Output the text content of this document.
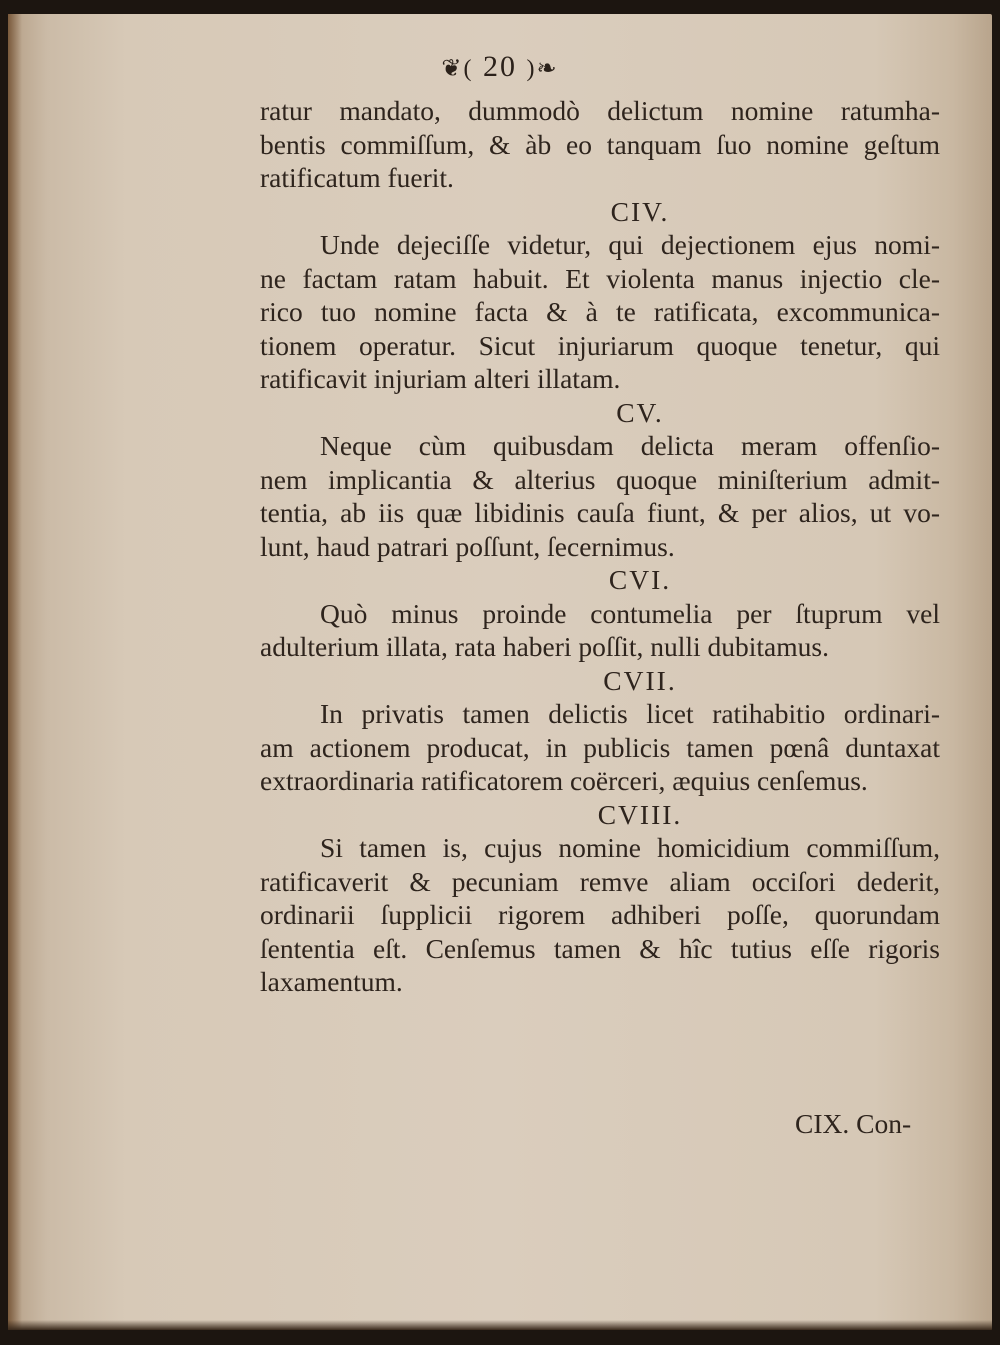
❦( 20 )❧
ratur mandato, dummodò delictum nomine ratumha-
bentis commiſſum, & àb eo tanquam ſuo nomine geſtum
ratificatum fuerit.
CIV.
Unde dejeciſſe videtur, qui dejectionem ejus nomi-
ne factam ratam habuit. Et violenta manus injectio cle-
rico tuo nomine facta & à te ratificata, excommunica-
tionem operatur. Sicut injuriarum quoque tenetur, qui
ratificavit injuriam alteri illatam.
CV.
Neque cùm quibusdam delicta meram offenſio-
nem implicantia & alterius quoque miniſterium admit-
tentia, ab iis quæ libidinis cauſa fiunt, & per alios, ut vo-
lunt, haud patrari poſſunt, ſecernimus.
CVI.
Quò minus proinde contumelia per ſtuprum vel
adulterium illata, rata haberi poſſit, nulli dubitamus.
CVII.
In privatis tamen delictis licet ratihabitio ordinari-
am actionem producat, in publicis tamen pœnâ duntaxat
extraordinaria ratificatorem coërceri, æquius cenſemus.
CVIII.
Si tamen is, cujus nomine homicidium commiſſum,
ratificaverit & pecuniam remve aliam occiſori dederit,
ordinarii ſupplicii rigorem adhiberi poſſe, quorundam
ſententia eſt. Cenſemus tamen & hîc tutius eſſe rigoris
laxamentum.
CIX. Con-
